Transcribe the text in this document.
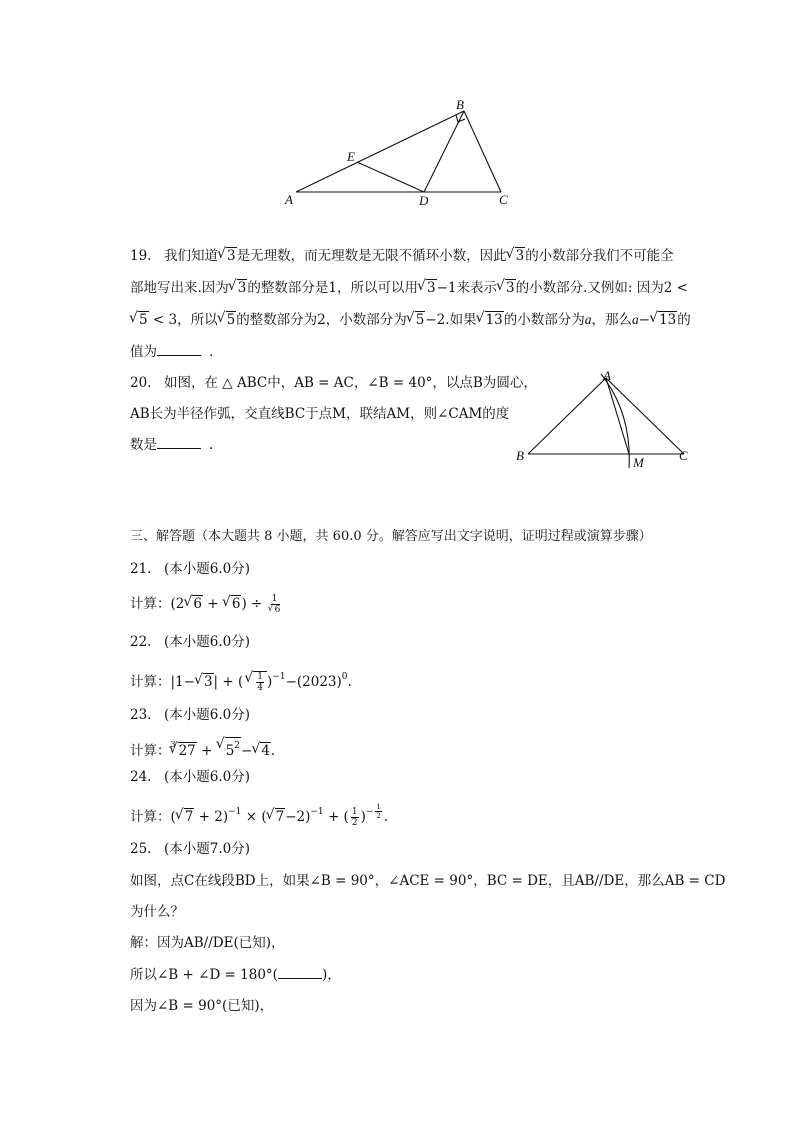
A
B
C
D
E
19. 我们知道√ 3是无理数，而无理数是无限不循环小数，因此√ 3的小数部分我们不可能全
部地写出来.因为√ 3的整数部分是1，所以可以用√ 3−1来表示√ 3的小数部分.又例如: 因为2 <
√ 5 < 3，所以√ 5的整数部分为2，小数部分为√ 5−2.如果√ 13的小数部分为a，那么a−√ 13的
值为	.
20. 如图，在 △ ABC中，AB = AC，∠B = 40°，以点B为圆心，
AB长为半径作弧，交直线BC于点M，联结AM，则∠CAM的度
数是	.
A
B	C
M
三、解答题（本大题共 8 小题，共 60.0 分。解答应写出文字说明，证明过程或演算步骤）
21. (本小题6.0分)
计算：(2√ 6 + √ $6) \div \frac{1}{√ 6}$
22. (本小题6.0分)
计算：|1−√ 3| + (
√ $\frac{1}{4} )^{-1}-(2023)^0$.
23. (本小题6.0分)
计算：$^3$√ 27 + √ $5^2-√$ 4.
24. (本小题6.0分)
计算：(√ 7 + 2)$^{-1}$ × (√ 7−2)$^{-1}$ + ( $\frac{1}{2} )^{- \frac{1}{2}}$ .
25. (本小题7.0分)
如图，点C在线段BD上，如果∠B = 90°，∠ACE = 90°，BC = DE，且AB//DE，那么AB = CD
为什么？
解：因为AB//DE(已知)，
所以∠B + ∠D = 180°(	)，
因为∠B = 90°(已知)，
